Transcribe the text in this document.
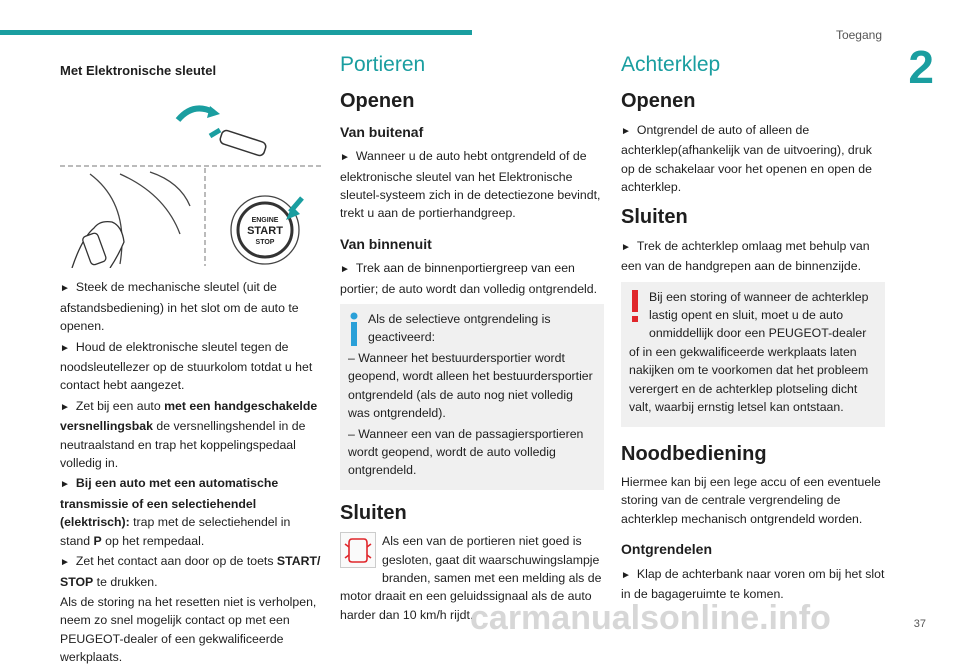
Toegang
2
Met Elektronische sleutel
ENGINE
START
STOP

► Steek de mechanische sleutel (uit de afstandsbediening) in het slot om de auto te openen.

► Houd de elektronische sleutel tegen de noodsleutellezer op de stuurkolom totdat u het contact hebt aangezet.

► Zet bij een auto met een handgeschakelde versnellingsbak de versnellingshendel in de neutraalstand en trap het koppelingspedaal volledig in.

► Bij een auto met een automatische transmissie of een selectiehendel (elektrisch): trap met de selectiehendel in stand P op het rempedaal.

► Zet het contact aan door op de toets START/ STOP te drukken.

Als de storing na het resetten niet is verholpen, neem zo snel mogelijk contact op met een PEUGEOT-dealer of een gekwalificeerde werkplaats.

Portieren
Openen
Van buitenaf

► Wanneer u de auto hebt ontgrendeld of de elektronische sleutel van het Elektronische sleutel-systeem zich in de detectiezone bevindt, trekt u aan de portierhandgreep.

Van binnenuit

► Trek aan de binnenportiergreep van een portier; de auto wordt dan volledig ontgrendeld.

Als de selectieve ontgrendeling is geactiveerd:

– Wanneer het bestuurdersportier wordt geopend, wordt alleen het bestuurdersportier ontgrendeld (als de auto nog niet volledig was ontgrendeld).

– Wanneer een van de passagiersportieren wordt geopend, wordt de auto volledig ontgrendeld.

Sluiten
Als een van de portieren niet goed is gesloten, gaat dit waarschuwingslampje branden, samen met een melding als de motor draait en een geluidssignaal als de auto harder dan 10 km/h rijdt.
Achterklep
Openen

► Ontgrendel de auto of alleen de achterklep(afhankelijk van de uitvoering), druk op de schakelaar voor het openen en open de achterklep.

Sluiten

► Trek de achterklep omlaag met behulp van een van de handgrepen aan de binnenzijde.

Bij een storing of wanneer de achterklep lastig opent en sluit, moet u de auto onmiddellijk door een PEUGEOT-dealer of in een gekwalificeerde werkplaats laten nakijken om te voorkomen dat het probleem verergert en de achterklep plotseling dicht valt, waarbij ernstig letsel kan ontstaan.

Noodbediening

Hiermee kan bij een lege accu of een eventuele storing van de centrale vergrendeling de achterklep mechanisch ontgrendeld worden.

Ontgrendelen

► Klap de achterbank naar voren om bij het slot in de bagageruimte te komen.

carmanualsonline.info	37
